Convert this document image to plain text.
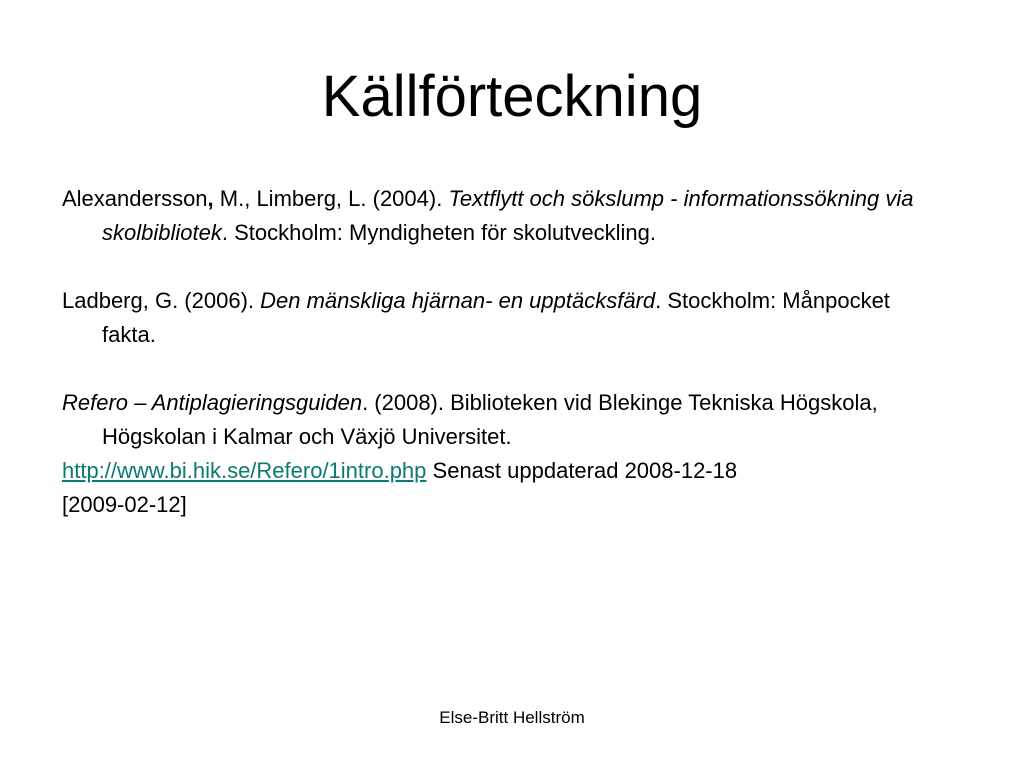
Källförteckning

Alexandersson, M., Limberg, L. (2004). Textflytt och sökslump - informationssökning via skolbibliotek. Stockholm: Myndigheten för skolutveckling.

Ladberg, G. (2006). Den mänskliga hjärnan- en upptäcksfärd. Stockholm: Månpocket fakta.

Refero – Antiplagieringsguiden. (2008). Biblioteken vid Blekinge Tekniska Högskola, Högskolan i Kalmar och Växjö Universitet.

http://www.bi.hik.se/Refero/1intro.php Senast uppdaterad 2008-12-18

[2009-02-12]

Else-Britt Hellström
